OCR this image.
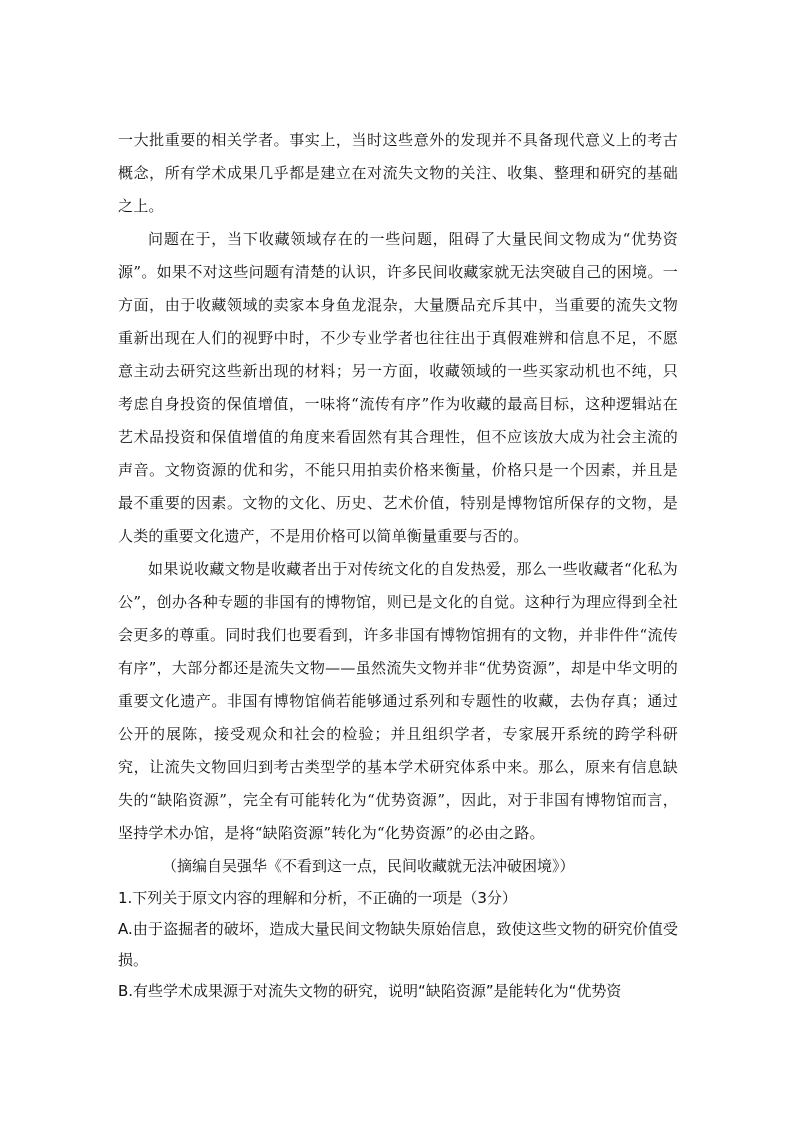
一大批重要的相关学者。事实上，当时这些意外的发现并不具备现代意义上的考古概念，所有学术成果几乎都是建立在对流失文物的关注、收集、整理和研究的基础之上。

问题在于，当下收藏领域存在的一些问题，阻碍了大量民间文物成为“优势资源”。如果不对这些问题有清楚的认识，许多民间收藏家就无法突破自己的困境。一方面，由于收藏领域的卖家本身鱼龙混杂，大量赝品充斥其中，当重要的流失文物重新出现在人们的视野中时，不少专业学者也往往出于真假难辨和信息不足，不愿意主动去研究这些新出现的材料；另一方面，收藏领域的一些买家动机也不纯，只考虑自身投资的保值增值，一味将“流传有序”作为收藏的最高目标，这种逻辑站在艺术品投资和保值增值的角度来看固然有其合理性，但不应该放大成为社会主流的声音。文物资源的优和劣，不能只用拍卖价格来衡量，价格只是一个因素，并且是最不重要的因素。文物的文化、历史、艺术价值，特别是博物馆所保存的文物，是人类的重要文化遗产，不是用价格可以简单衡量重要与否的。

如果说收藏文物是收藏者出于对传统文化的自发热爱，那么一些收藏者“化私为公”，创办各种专题的非国有的博物馆，则已是文化的自觉。这种行为理应得到全社会更多的尊重。同时我们也要看到，许多非国有博物馆拥有的文物，并非件件“流传有序”，大部分都还是流失文物——虽然流失文物并非“优势资源”，却是中华文明的重要文化遗产。非国有博物馆倘若能够通过系列和专题性的收藏，去伪存真；通过公开的展陈，接受观众和社会的检验；并且组织学者，专家展开系统的跨学科研究，让流失文物回归到考古类型学的基本学术研究体系中来。那么，原来有信息缺失的“缺陷资源”，完全有可能转化为“优势资源”，因此，对于非国有博物馆而言，坚持学术办馆，是将“缺陷资源”转化为“化势资源”的必由之路。

（摘编自吴强华《不看到这一点，民间收藏就无法冲破困境》）

1.下列关于原文内容的理解和分析，不正确的一项是（3分）

A.由于盗掘者的破坏，造成大量民间文物缺失原始信息，致使这些文物的研究价值受损。

B.有些学术成果源于对流失文物的研究，说明“缺陷资源”是能转化为“优势资
